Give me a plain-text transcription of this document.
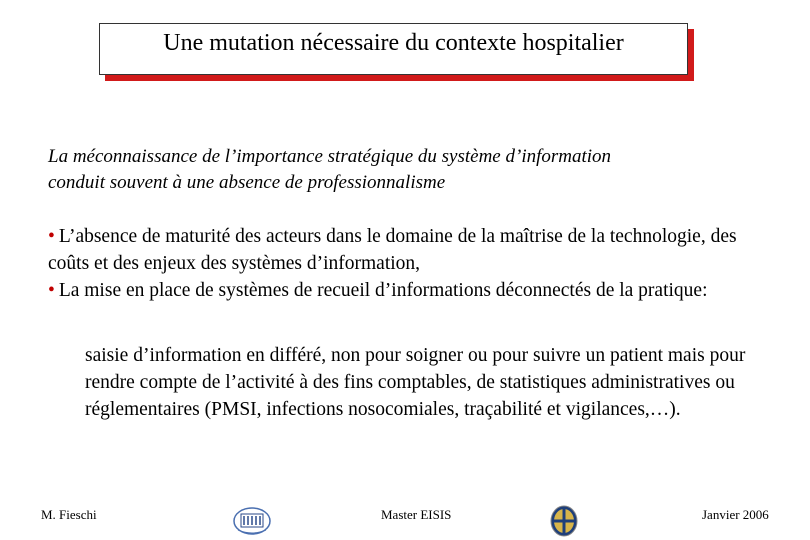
Une mutation nécessaire du contexte hospitalier
La méconnaissance de l’importance stratégique du système d’information
conduit souvent à une absence de professionnalisme

• L’absence de maturité des acteurs dans le domaine de la maîtrise de la technologie, des coûts et des enjeux des systèmes d’information,

• La mise en place de systèmes de recueil d’informations déconnectés de la pratique:

saisie d’information en différé, non pour soigner ou pour suivre un patient mais pour rendre compte de l’activité à des fins comptables, de statistiques administratives ou réglementaires (PMSI, infections nosocomiales, traçabilité et vigilances,…).
M. Fieschi	Master EISIS	Janvier 2006
